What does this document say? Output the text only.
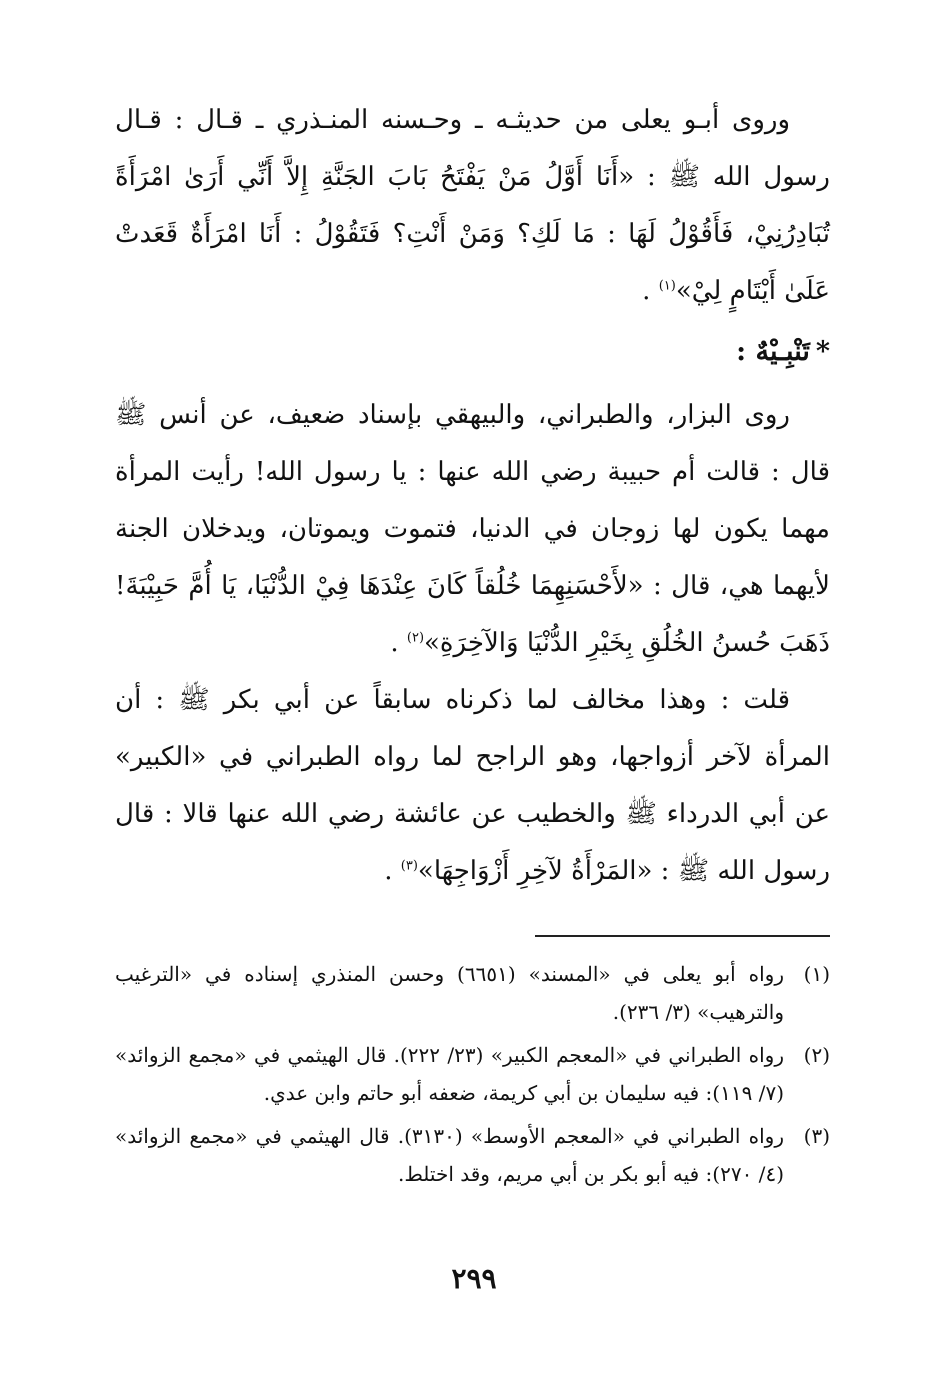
وروى أبـو يعلى من حديثـه ـ وحـسنه المنـذري ـ قـال : قـال رسول الله ﷺ : «أَنَا أَوَّلُ مَنْ يَفْتَحُ بَابَ الجَنَّةِ إِلاَّ أَنِّي أَرَىٰ امْرَأَةً تُبَادِرُنِيْ، فَأَقُوْلُ لَهَا : مَا لَكِ؟ وَمَنْ أَنْتِ؟ فَتَقُوْلُ : أَنَا امْرَأَةٌ قَعَدتْ عَلَىٰ أَيْتَامٍ لِيْ»$^{(١)}$ .

*تَنْبِـيْهٌ :

روى البزار، والطبراني، والبيهقي بإسناد ضعيف، عن أنس ﷺ قال : قالت أم حبيبة رضي الله عنها : يا رسول الله! رأيت المرأة مهما يكون لها زوجان في الدنيا، فتموت ويموتان، ويدخلان الجنة لأيهما هي، قال : «لأَحْسَنِهِمَا خُلُقاً كَانَ عِنْدَهَا فِيْ الدُّنْيَا، يَا أُمَّ حَبِيْبَةَ! ذَهَبَ حُسنُ الخُلُقِ بِخَيْرِ الدُّنْيَا وَالآخِرَةِ»$^{(٢)}$ .

قلت : وهذا مخالف لما ذكرناه سابقاً عن أبي بكر ﷺ : أن المرأة لآخر أزواجها، وهو الراجح لما رواه الطبراني في «الكبير» عن أبي الدرداء ﷺ والخطيب عن عائشة رضي الله عنها قالا : قال رسول الله ﷺ : «المَرْأَةُ لآخِرِ أَزْوَاجِهَا»$^{(٣)}$ .

(١)
رواه أبو يعلى في «المسند» (٦٦٥١) وحسن المنذري إسناده في «الترغيب والترهيب» (٣/ ٢٣٦).
(٢)
رواه الطبراني في «المعجم الكبير» (٢٣/ ٢٢٢). قال الهيثمي في «مجمع الزوائد» (٧/ ١١٩): فيه سليمان بن أبي كريمة، ضعفه أبو حاتم وابن عدي.
(٣)
رواه الطبراني في «المعجم الأوسط» (٣١٣٠). قال الهيثمي في «مجمع الزوائد» (٤/ ٢٧٠): فيه أبو بكر بن أبي مريم، وقد اختلط.
٢٩٩
